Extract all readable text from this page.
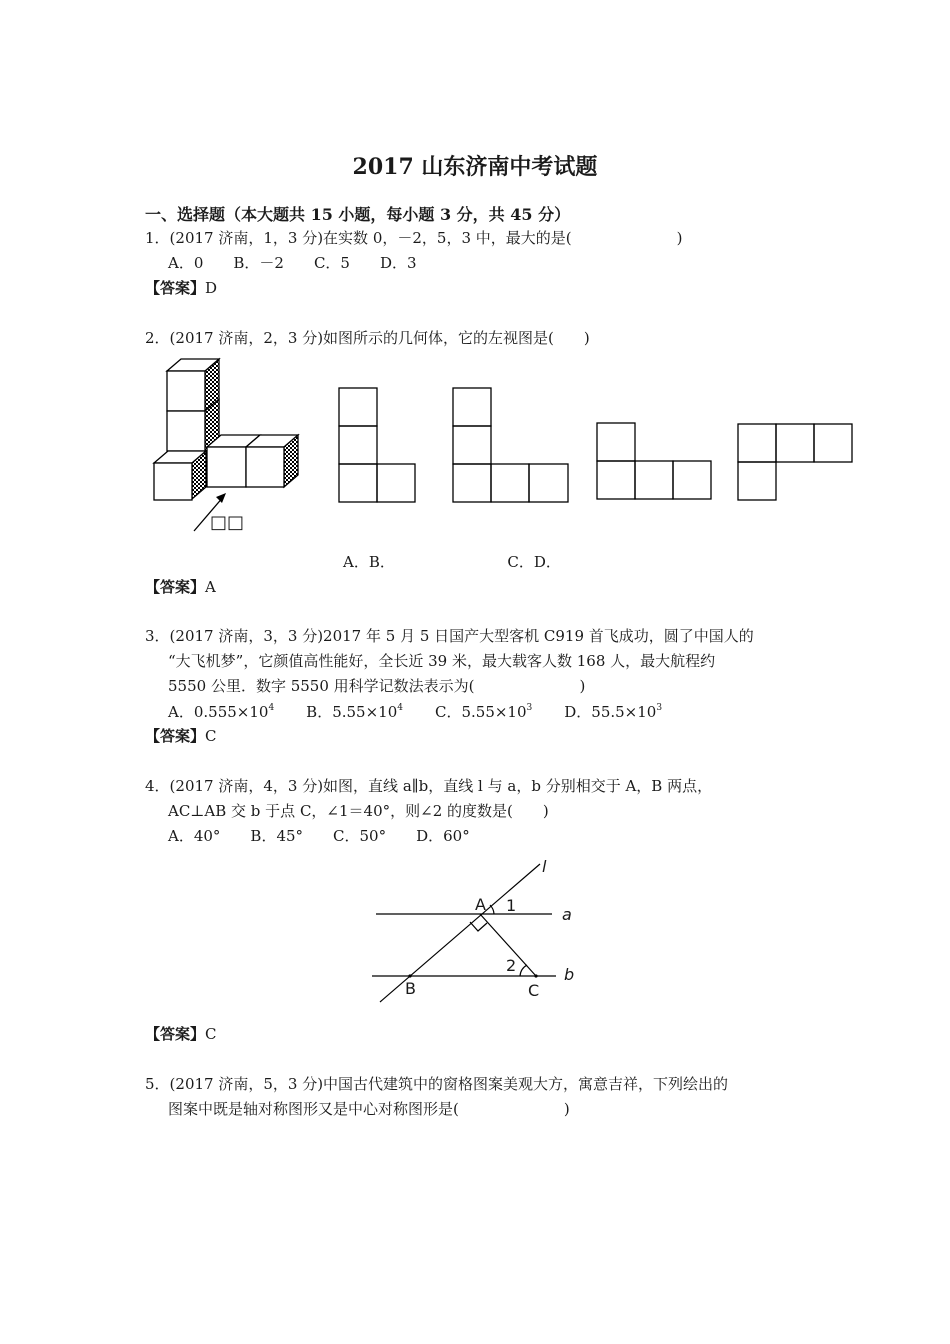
2017 山东济南中考试题
一、选择题（本大题共 15 小题，每小题 3 分，共 45 分）
1．(2017 济南，1，3 分)在实数 0，－2，5，3 中，最大的是(　　　　　　　)
A．0　　B．－2　　C．5　　D．3
【答案】D
2．(2017 济南，2，3 分)如图所示的几何体，它的左视图是(　　)
□□
A．B．　　　　　　　　C．D．
【答案】A
3．(2017 济南，3，3 分)2017 年 5 月 5 日国产大型客机 C919 首飞成功，圆了中国人的
“大飞机梦”，它颜值高性能好，全长近 39 米，最大载客人数 168 人，最大航程约
5550 公里．数字 5550 用科学记数法表示为(　　　　　　　)
A．$0.555\times 10^4$ B．$5.55\times 10^4$ C．$5.55\times 10^3$ D．$55.5\times 10^3$
【答案】C
4．(2017 济南，4，3 分)如图，直线 a∥b，直线 l 与 a，b 分别相交于 A，B 两点，
AC⊥AB 交 b 于点 C，∠1＝40°，则∠2 的度数是(　　)
A．40°　　B．45°　　C．50°　　D．60°
l
a
b
A 1
2
B	C
【答案】C
5．(2017 济南，5，3 分)中国古代建筑中的窗格图案美观大方，寓意吉祥，下列绘出的
图案中既是轴对称图形又是中心对称图形是(　　　　　　　)
